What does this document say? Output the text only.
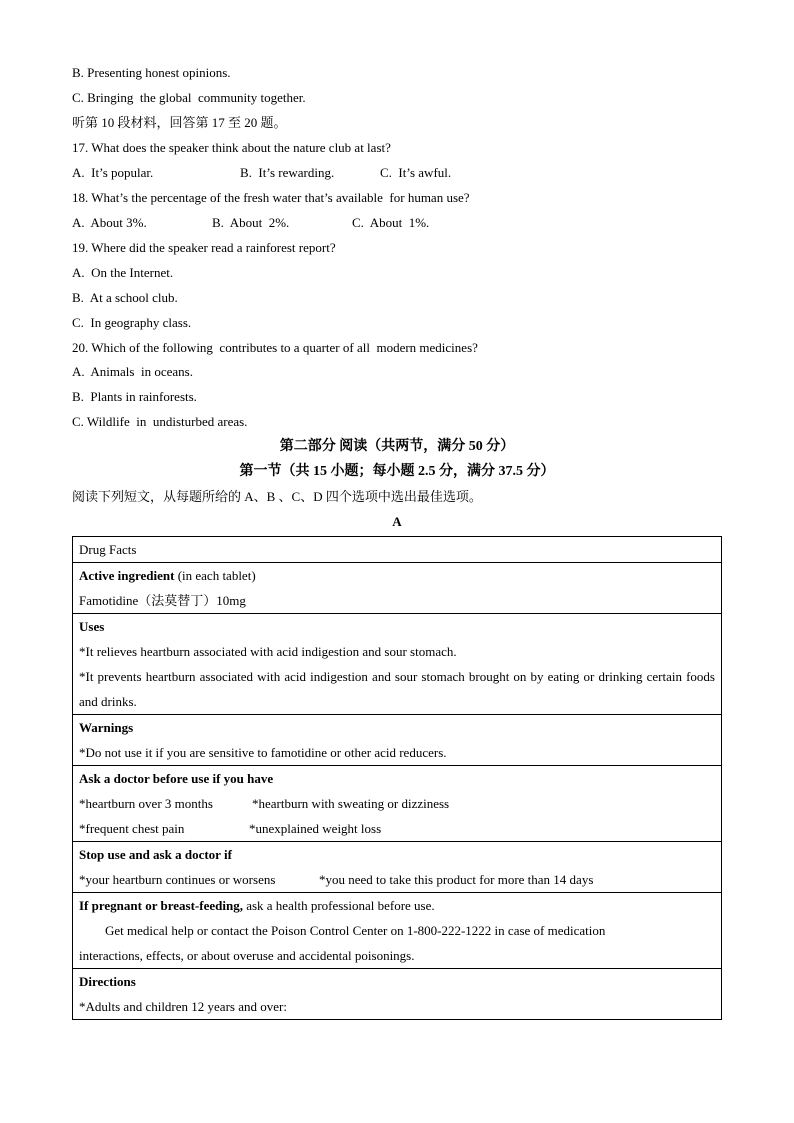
B. Presenting honest opinions.
C. Bringing  the global  community together.
听第 10 段材料，回答第 17 至 20 题。
17. What does the speaker think about the nature club at last?
A.  It’s popular.	B.  It’s rewarding.	C.  It’s awful.
18. What’s the percentage of the fresh water that’s available  for human use?
A.  About 3%.	B.  About  2%.	C.  About  1%.
19. Where did the speaker read a rainforest report?
A.  On the Internet.
B.  At a school club.
C.  In geography class.
20. Which of the following  contributes to a quarter of all  modern medicines?
A.  Animals  in oceans.
B.  Plants in rainforests.
C. Wildlife  in  undisturbed areas.
第二部分 阅读（共两节，满分 50 分）
第一节（共 15 小题；每小题 2.5 分，满分 37.5 分）
阅读下列短文，从每题所给的 A、B 、C、D 四个选项中选出最佳选项。
A
Drug Facts

Active ingredient (in each tablet)
Famotidine（法莫替丁）10mg

Uses
*It relieves heartburn associated with acid indigestion and sour stomach.
*It prevents heartburn associated with acid indigestion and sour stomach brought on by eating or drinking certain foods and drinks.

Warnings
*Do not use it if you are sensitive to famotidine or other acid reducers.

Ask a doctor before use if you have
*heartburn over 3 months	*heartburn with sweating or dizziness
*frequent chest pain	*unexplained weight loss

Stop use and ask a doctor if
*your heartburn continues or worsens	*you need to take this product for more than 14 days

If pregnant or breast-feeding, ask a health professional before use.
Get medical help or contact the Poison Control Center on 1-800-222-1222 in case of medication interactions, effects, or about overuse and accidental poisonings.

Directions
*Adults and children 12 years and over:
